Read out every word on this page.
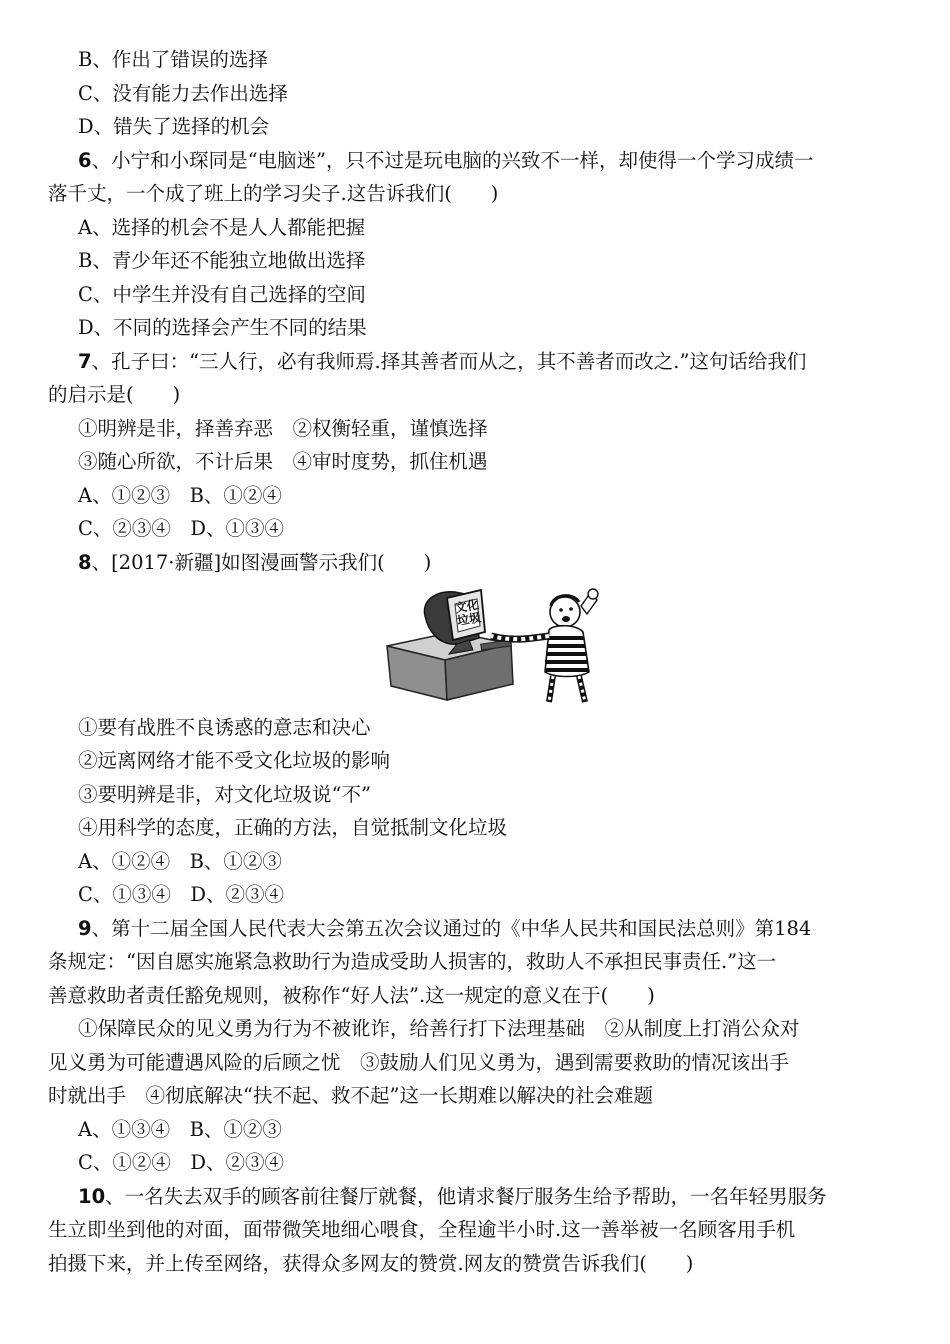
B、作出了错误的选择
C、没有能力去作出选择
D、错失了选择的机会
6、小宁和小琛同是“电脑迷”，只不过是玩电脑的兴致不一样，却使得一个学习成绩一
落千丈，一个成了班上的学习尖子.这告诉我们(　　)
A、选择的机会不是人人都能把握
B、青少年还不能独立地做出选择
C、中学生并没有自己选择的空间
D、不同的选择会产生不同的结果
7、孔子曰：“三人行，必有我师焉.择其善者而从之，其不善者而改之.”这句话给我们
的启示是(　　)
①明辨是非，择善弃恶　②权衡轻重，谨慎选择
③随心所欲，不计后果　④审时度势，抓住机遇
A、①②③　B、①②④
C、②③④　D、①③④
8、[2017·新疆]如图漫画警示我们(　　)
文化垃圾
①要有战胜不良诱惑的意志和决心
②远离网络才能不受文化垃圾的影响
③要明辨是非，对文化垃圾说“不”
④用科学的态度，正确的方法，自觉抵制文化垃圾
A、①②④　B、①②③
C、①③④　D、②③④
9、第十二届全国人民代表大会第五次会议通过的《中华人民共和国民法总则》第184
条规定：“因自愿实施紧急救助行为造成受助人损害的，救助人不承担民事责任.”这一
善意救助者责任豁免规则，被称作“好人法”.这一规定的意义在于(　　)
①保障民众的见义勇为行为不被讹诈，给善行打下法理基础　②从制度上打消公众对
见义勇为可能遭遇风险的后顾之忧　③鼓励人们见义勇为，遇到需要救助的情况该出手
时就出手　④彻底解决“扶不起、救不起”这一长期难以解决的社会难题
A、①③④　B、①②③
C、①②④　D、②③④
10、一名失去双手的顾客前往餐厅就餐，他请求餐厅服务生给予帮助，一名年轻男服务
生立即坐到他的对面，面带微笑地细心喂食，全程逾半小时.这一善举被一名顾客用手机
拍摄下来，并上传至网络，获得众多网友的赞赏.网友的赞赏告诉我们(　　)
